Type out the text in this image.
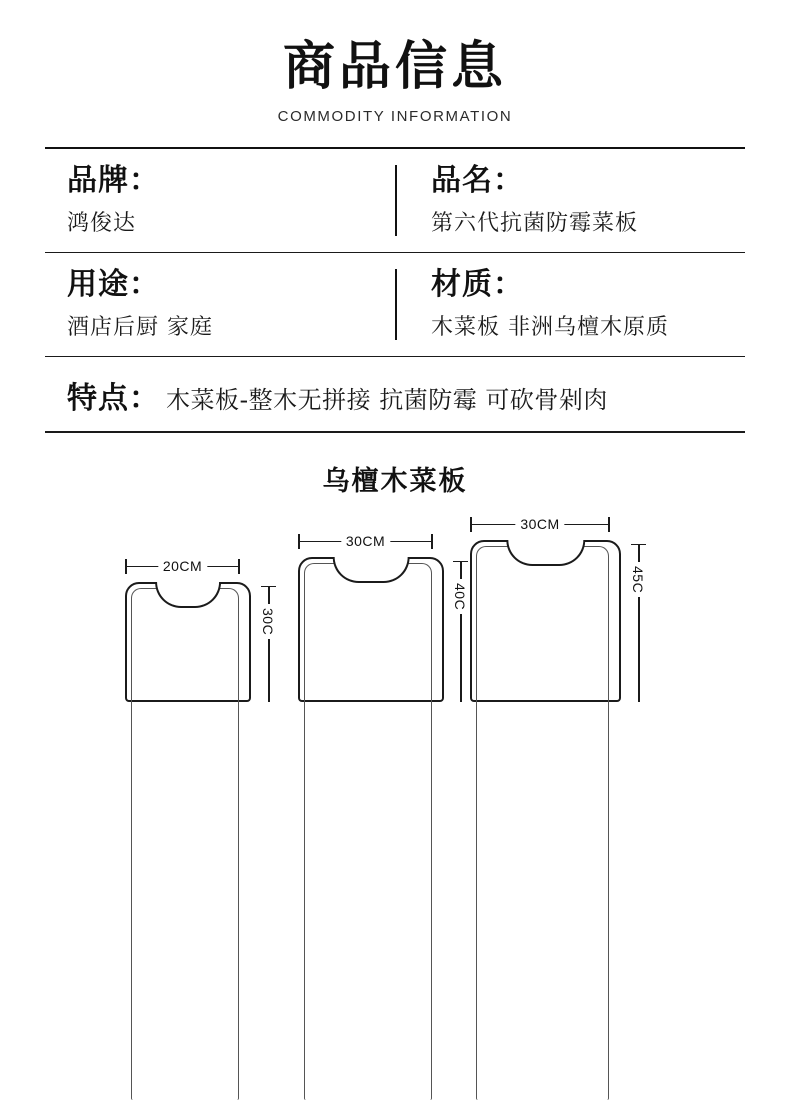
商品信息
COMMODITY INFORMATION
品牌：
鸿俊达
品名：
第六代抗菌防霉菜板
用途：
酒店后厨 家庭
材质：
木菜板 非洲乌檀木原质
特点： 木菜板-整木无拼接 抗菌防霉 可砍骨剁肉
乌檀木菜板
20CM
30C
30CM
40C
30CM
45C
